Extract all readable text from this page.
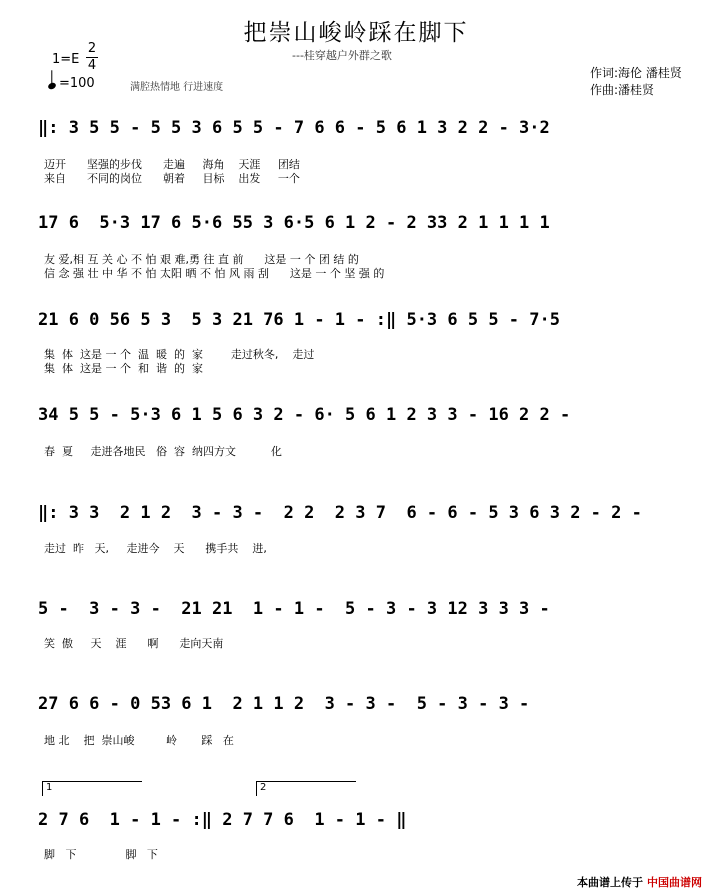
把崇山峻岭踩在脚下
---桂穿越户外群之歌
1=E
2
4
=100	满腔热情地 行进速度
作词:海伦 潘桂贤
作曲:潘桂贤
‖: 3 5 5 - 5 5 3 6 5 5 - 7 6 6 - 5 6 1 3 2 2 - 3·2
迈开      坚强的步伐      走遍     海角    天涯     团结
来自      不同的岗位      朝着     目标    出发     一个
17 6  5·3 17 6 5·6 55 3 6·5 6 1 2 - 2 33 2 1 1 1 1
友 爱,相 互 关 心 不 怕 艰 难,勇 往 直 前      这是 一 个 团 结 的
信 念 强 壮 中 华 不 怕 太阳 晒 不 怕 风 雨 刮      这是 一 个 坚 强 的
21 6 0 56 5 3  5 3 21 76 1 - 1 - :‖ 5·3 6 5 5 - 7·5
集  体  这是 一 个  温  暖  的  家        走过秋冬,    走过
集  体  这是 一 个  和  谐  的  家
34 5 5 - 5·3 6 1 5 6 3 2 - 6· 5 6 1 2 3 3 - 16 2 2 -
春  夏     走进各地民   俗  容  纳四方文          化
‖: 3 3  2 1 2  3 - 3 -  2 2  2 3 7  6 - 6 - 5 3 6 3 2 - 2 -
走过  昨   天,     走进今    天      携手共    进,
5 -  3 - 3 -  21 21  1 - 1 -  5 - 3 - 3 12 3 3 3 -
笑  傲     天    涯      啊      走向天南
27 6 6 - 0 53 6 1  2 1 1 2  3 - 3 -  5 - 3 - 3 -
地 北    把  崇山峻         岭       踩   在
1	2
2 7 6  1 - 1 - :‖ 2 7 7 6  1 - 1 - ‖
脚   下              脚   下
本曲谱上传于 中国曲谱网
